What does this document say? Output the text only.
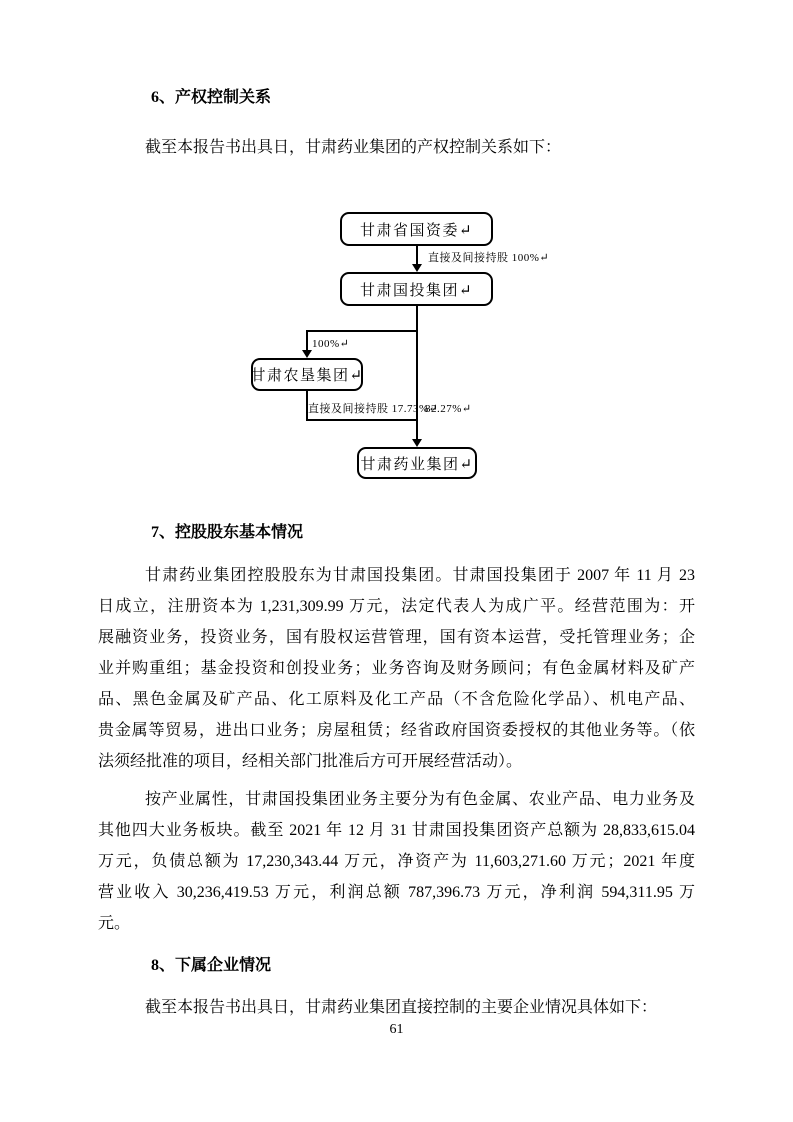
6、产权控制关系
截至本报告书出具日，甘肃药业集团的产权控制关系如下：
甘肃省国资委↵
直接及间接持股 100%↵
甘肃国投集团↵
100%↵
甘肃农垦集团↵
直接及间接持股 17.73%↵
82.27%↵
甘肃药业集团↵
7、控股股东基本情况
甘肃药业集团控股股东为甘肃国投集团。甘肃国投集团于 2007 年 11 月 23
日成立，注册资本为 1,231,309.99 万元，法定代表人为成广平。经营范围为：开
展融资业务，投资业务，国有股权运营管理，国有资本运营，受托管理业务；企
业并购重组；基金投资和创投业务；业务咨询及财务顾问；有色金属材料及矿产
品、黑色金属及矿产品、化工原料及化工产品（不含危险化学品）、机电产品、
贵金属等贸易，进出口业务；房屋租赁；经省政府国资委授权的其他业务等。（依
法须经批准的项目，经相关部门批准后方可开展经营活动）。
按产业属性，甘肃国投集团业务主要分为有色金属、农业产品、电力业务及
其他四大业务板块。截至 2021 年 12 月 31 甘肃国投集团资产总额为 28,833,615.04
万元，负债总额为 17,230,343.44 万元，净资产为 11,603,271.60 万元；2021 年度
营业收入 30,236,419.53 万元，利润总额 787,396.73 万元，净利润 594,311.95 万
元。
8、下属企业情况
截至本报告书出具日，甘肃药业集团直接控制的主要企业情况具体如下：
61
